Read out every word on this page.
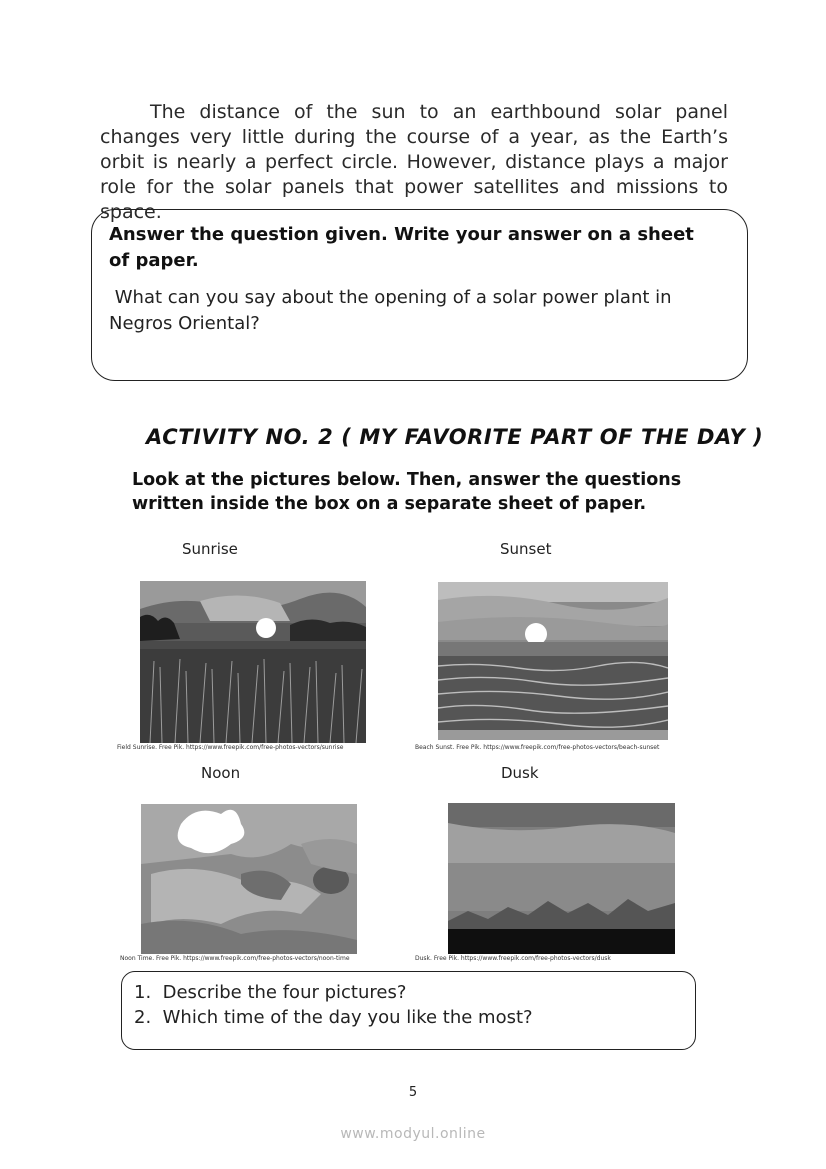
The distance of the sun to an earthbound solar panel changes very little during the course of a year, as the Earth’s orbit is nearly a perfect circle. However, distance plays a major role for the solar panels that power satellites and missions to space.
Answer the question given. Write your answer on a sheet of paper.
What can you say about the opening of a solar power plant in Negros Oriental?
ACTIVITY NO. 2 ( MY FAVORITE PART OF THE DAY )
Look at the pictures below. Then, answer the questions written inside the box on a separate sheet of paper.
Sunrise	Sunset
Noon	Dusk
Field Sunrise. Free Pik. https://www.freepik.com/free-photos-vectors/sunrise	Beach Sunst. Free Pik. https://www.freepik.com/free-photos-vectors/beach-sunset
Noon Time. Free Pik. https://www.freepik.com/free-photos-vectors/noon-time	Dusk. Free Pik. https://www.freepik.com/free-photos-vectors/dusk
1.  Describe the four pictures?
2.  Which time of the day you like the most?
5
www.modyul.online
